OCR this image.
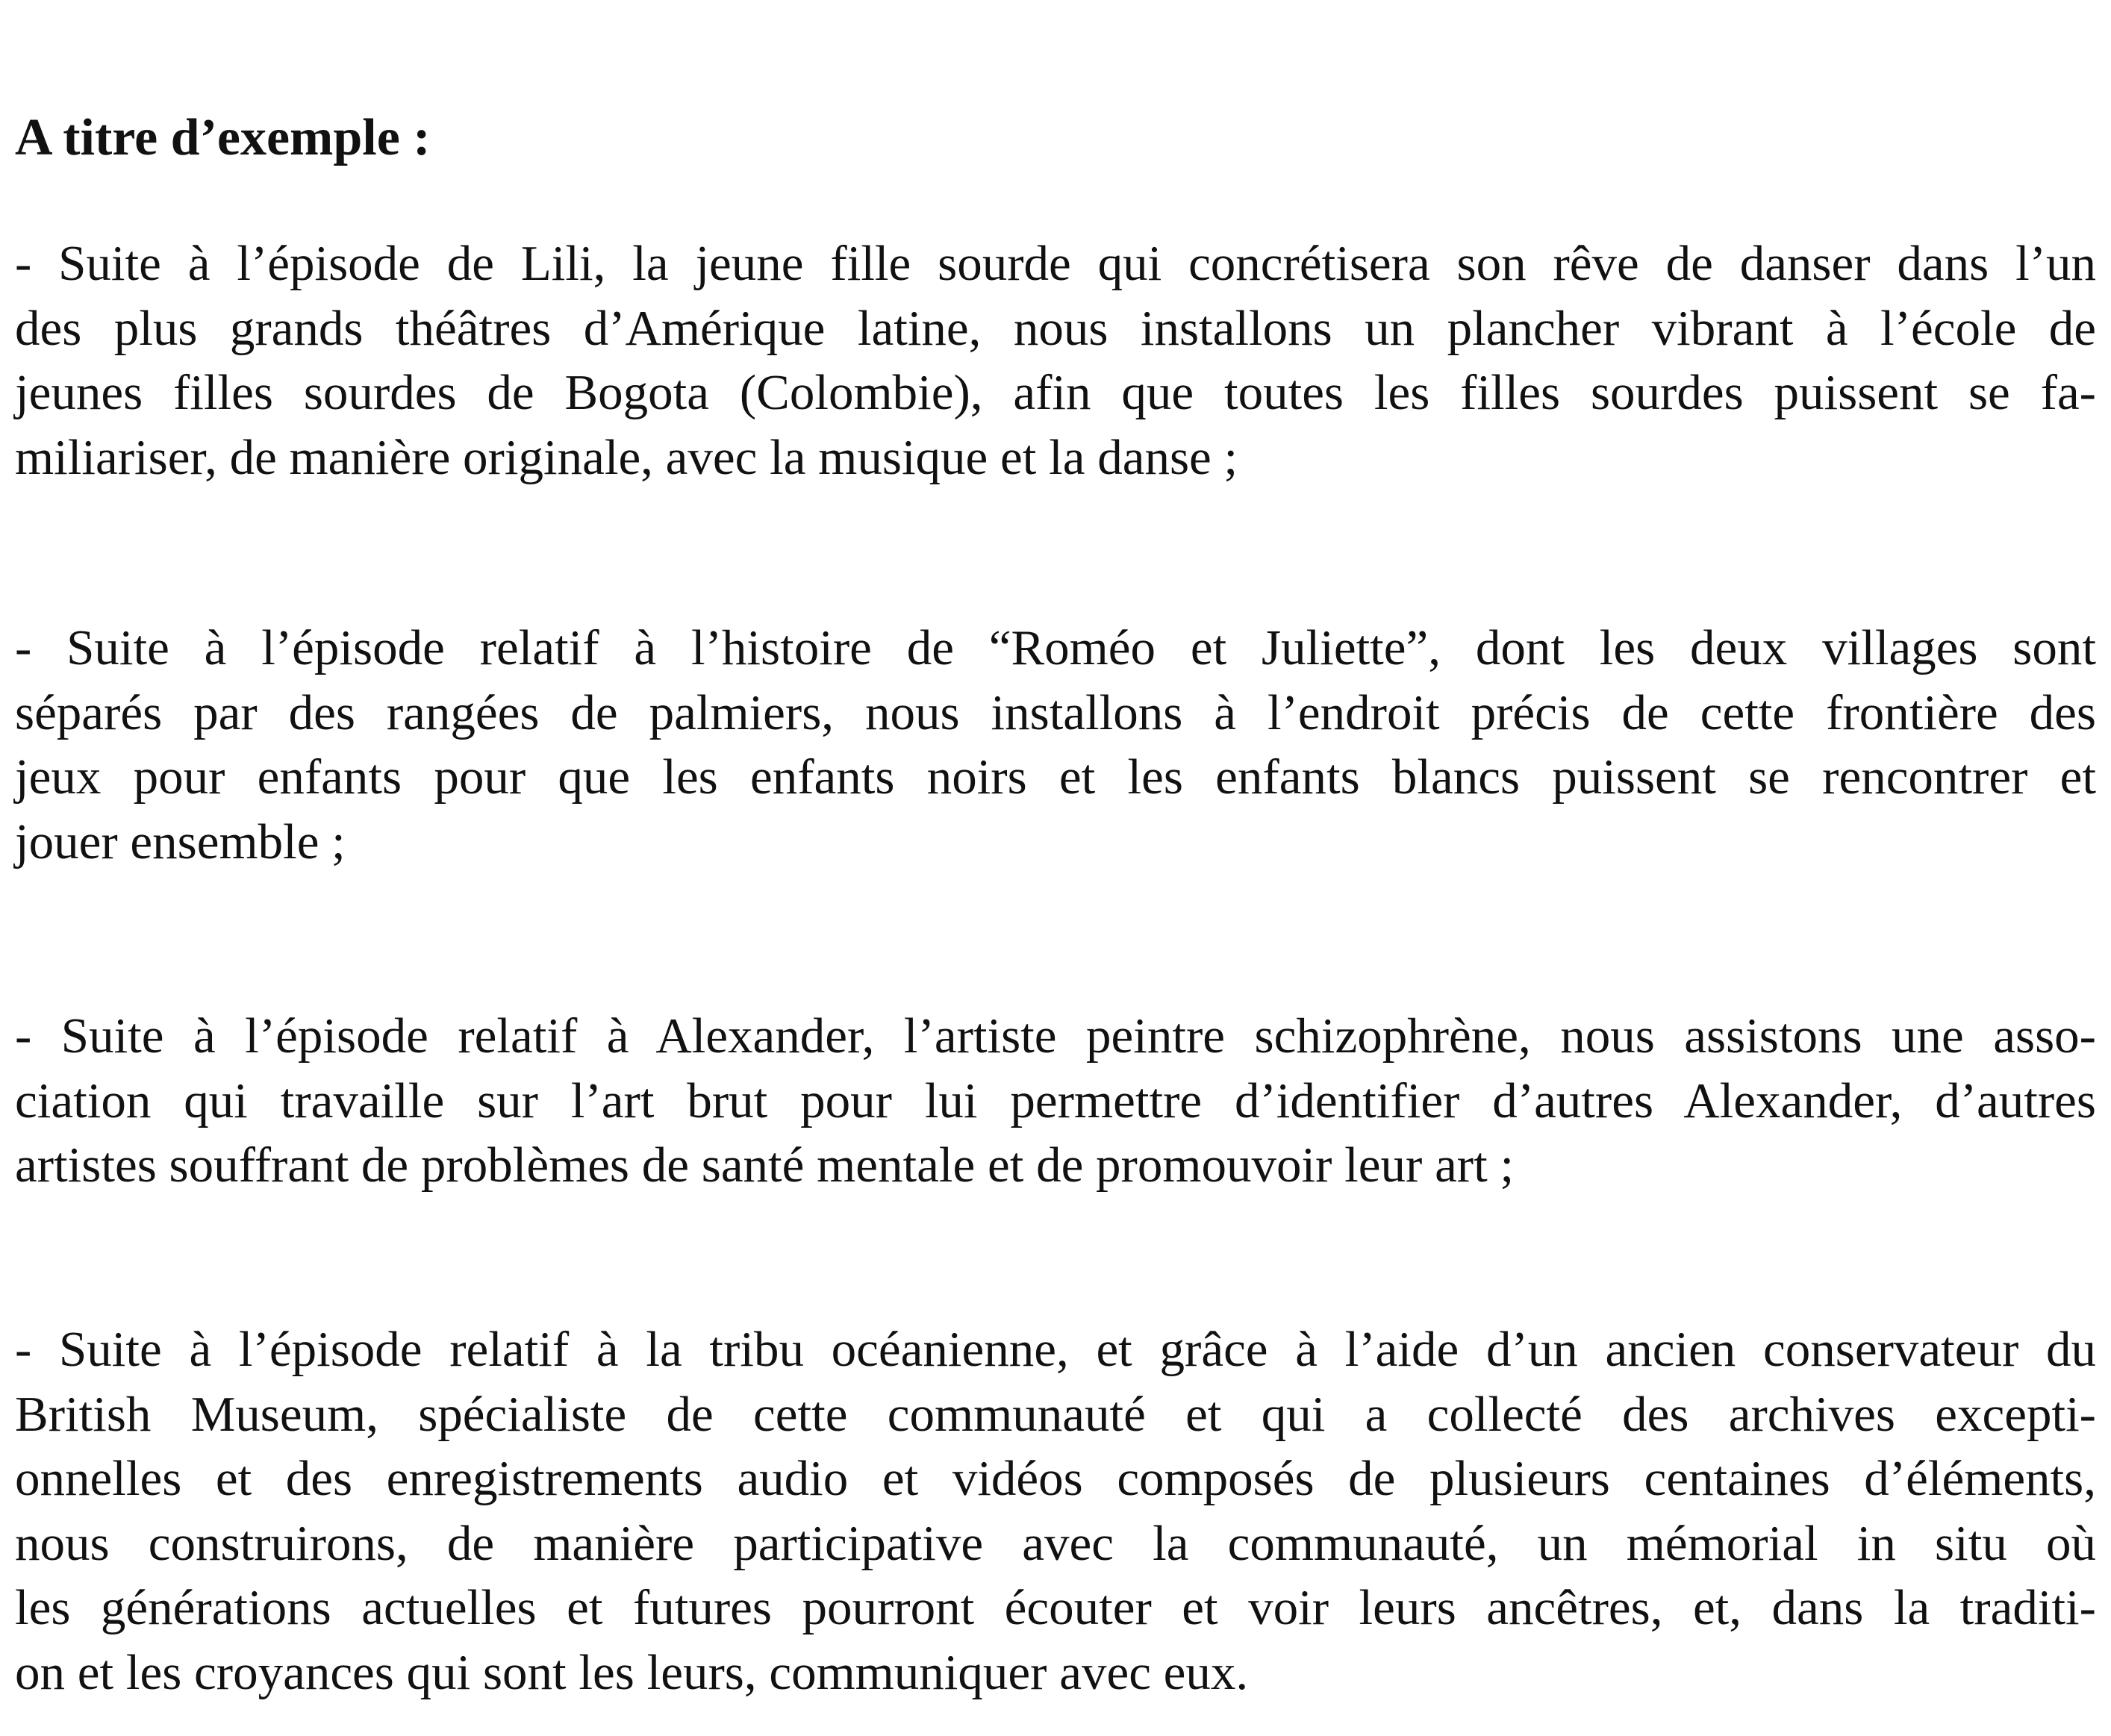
A titre d’exemple :

- Suite à l’épisode de Lili, la jeune fille sourde qui concrétisera son rêve de danser dans l’un
des plus grands théâtres d’Amérique latine, nous installons un plancher vibrant à l’école de
jeunes filles sourdes de Bogota (Colombie), afin que toutes les filles sourdes puissent se fa-
miliariser, de manière originale, avec la musique et la danse ;

- Suite à l’épisode relatif à l’histoire de “Roméo et Juliette”, dont les deux villages sont
séparés par des rangées de palmiers, nous installons à l’endroit précis de cette frontière des
jeux pour enfants pour que les enfants noirs et les enfants blancs puissent se rencontrer et
jouer ensemble ;

- Suite à l’épisode relatif à Alexander, l’artiste peintre schizophrène, nous assistons une asso-
ciation qui travaille sur l’art brut pour lui permettre d’identifier d’autres Alexander, d’autres
artistes souffrant de problèmes de santé mentale et de promouvoir leur art ;

- Suite à l’épisode relatif à la tribu océanienne, et grâce à l’aide d’un ancien conservateur du
British Museum, spécialiste de cette communauté et qui a collecté des archives excepti-
onnelles et des enregistrements audio et vidéos composés de plusieurs centaines d’éléments,
nous construirons, de manière participative avec la communauté, un mémorial in situ où
les générations actuelles et futures pourront écouter et voir leurs ancêtres, et, dans la traditi-
on et les croyances qui sont les leurs, communiquer avec eux.
